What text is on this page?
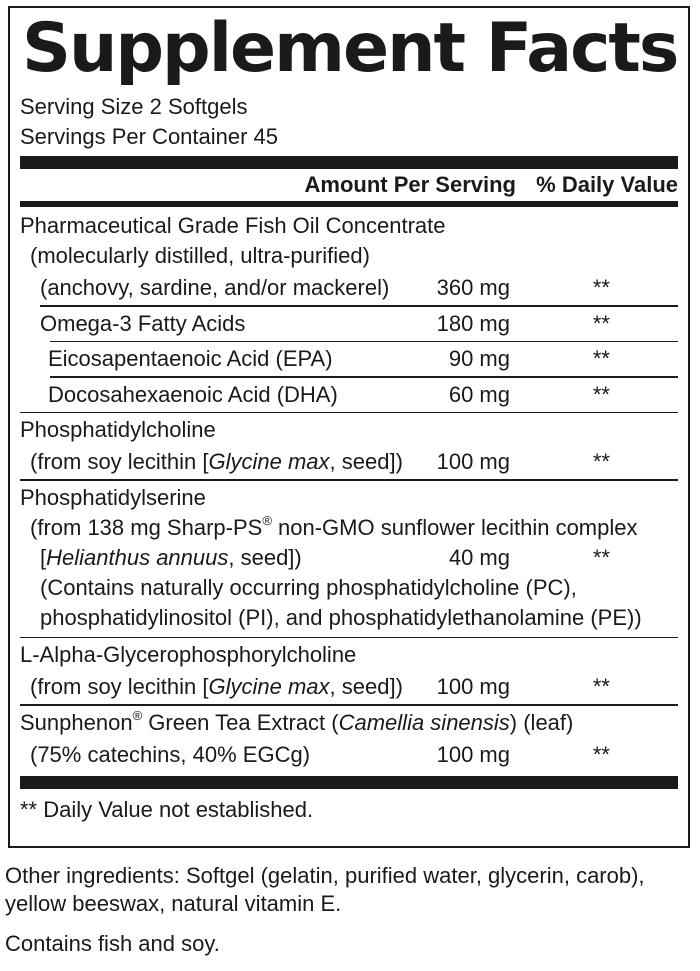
Supplement Facts
Serving Size 2 Softgels
Servings Per Container 45
Amount Per Serving % Daily Value
Pharmaceutical Grade Fish Oil Concentrate
(molecularly distilled, ultra-purified)
(anchovy, sardine, and/or mackerel) 360 mg	**
Omega-3 Fatty Acids	180 mg	**
Eicosapentaenoic Acid (EPA)	90 mg	**
Docosahexaenoic Acid (DHA)	60 mg	**
Phosphatidylcholine
(from soy lecithin [Glycine max, seed]) 100 mg	**
Phosphatidylserine
(from 138 mg Sharp-PS® non-GMO sunflower lecithin complex
[Helianthus annuus, seed])	40 mg	**
(Contains naturally occurring phosphatidylcholine (PC),
phosphatidylinositol (PI), and phosphatidylethanolamine (PE))
L-Alpha-Glycerophosphorylcholine
(from soy lecithin [Glycine max, seed]) 100 mg	**
Sunphenon® Green Tea Extract (Camellia sinensis) (leaf)
(75% catechins, 40% EGCg)	100 mg	**
** Daily Value not established.
Other ingredients: Softgel (gelatin, purified water, glycerin, carob),
yellow beeswax, natural vitamin E.
Contains fish and soy.
